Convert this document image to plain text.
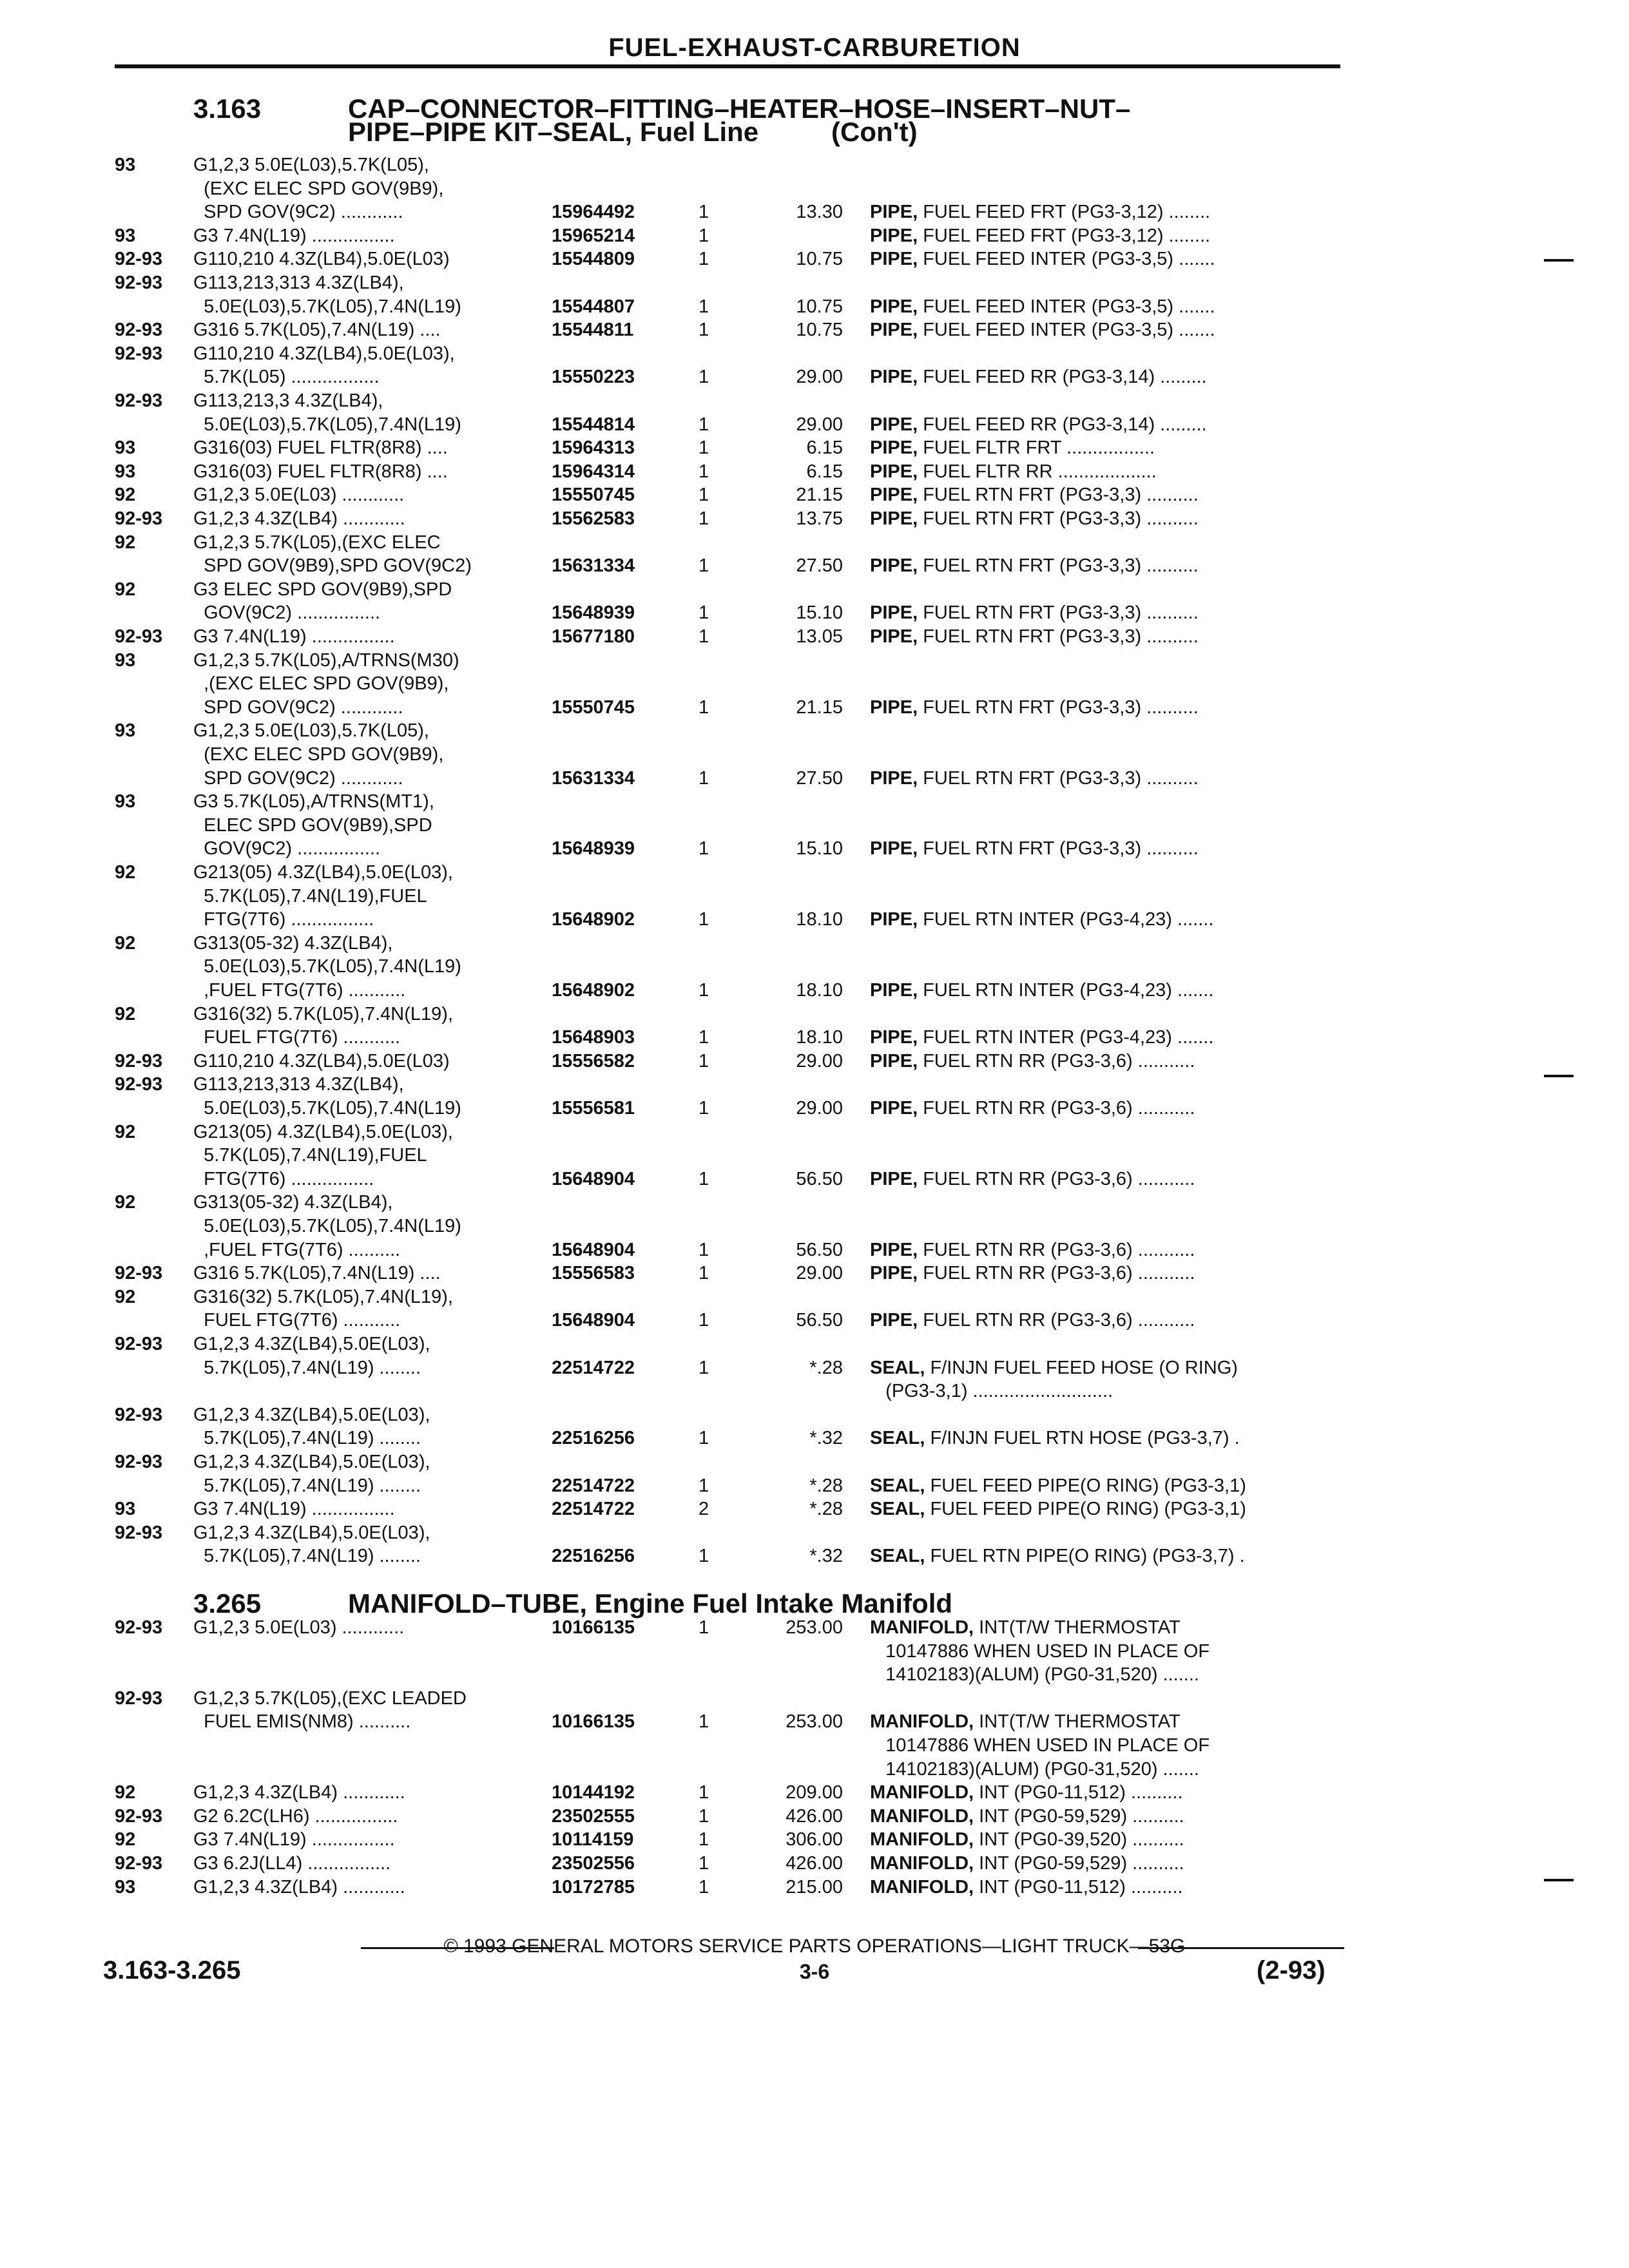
FUEL-EXHAUST-CARBURETION
3.163	CAP–CONNECTOR–FITTING–HEATER–HOSE–INSERT–NUT–
PIPE–PIPE KIT–SEAL, Fuel Line	(Con't)
93	G1,2,3 5.0E(L03),5.7K(L05),
(EXC ELEC SPD GOV(9B9),
SPD GOV(9C2) ............	15964492	1	13.30 PIPE, FUEL FEED FRT (PG3-3,12) ........
93	G3 7.4N(L19) ................	15965214	1	PIPE, FUEL FEED FRT (PG3-3,12) ........
92-93	G110,210 4.3Z(LB4),5.0E(L03)	15544809	1	10.75 PIPE, FUEL FEED INTER (PG3-3,5) .......
92-93	G113,213,313 4.3Z(LB4),
5.0E(L03),5.7K(L05),7.4N(L19)	15544807	1	10.75 PIPE, FUEL FEED INTER (PG3-3,5) .......
92-93	G316 5.7K(L05),7.4N(L19) ....	15544811	1	10.75 PIPE, FUEL FEED INTER (PG3-3,5) .......
92-93	G110,210 4.3Z(LB4),5.0E(L03),
5.7K(L05) .................	15550223	1	29.00 PIPE, FUEL FEED RR (PG3-3,14) .........
92-93	G113,213,3 4.3Z(LB4),
5.0E(L03),5.7K(L05),7.4N(L19)	15544814	1	29.00 PIPE, FUEL FEED RR (PG3-3,14) .........
93	G316(03) FUEL FLTR(8R8) ....	15964313	1	6.15 PIPE, FUEL FLTR FRT .................
93	G316(03) FUEL FLTR(8R8) ....	15964314	1	6.15 PIPE, FUEL FLTR RR ...................
92	G1,2,3 5.0E(L03) ............	15550745	1	21.15 PIPE, FUEL RTN FRT (PG3-3,3) ..........
92-93	G1,2,3 4.3Z(LB4) ............	15562583	1	13.75 PIPE, FUEL RTN FRT (PG3-3,3) ..........
92	G1,2,3 5.7K(L05),(EXC ELEC
SPD GOV(9B9),SPD GOV(9C2)	15631334	1	27.50 PIPE, FUEL RTN FRT (PG3-3,3) ..........
92	G3 ELEC SPD GOV(9B9),SPD
GOV(9C2) ................	15648939	1	15.10 PIPE, FUEL RTN FRT (PG3-3,3) ..........
92-93	G3 7.4N(L19) ................	15677180	1	13.05 PIPE, FUEL RTN FRT (PG3-3,3) ..........
93	G1,2,3 5.7K(L05),A/TRNS(M30)
,(EXC ELEC SPD GOV(9B9),
SPD GOV(9C2) ............	15550745	1	21.15 PIPE, FUEL RTN FRT (PG3-3,3) ..........
93	G1,2,3 5.0E(L03),5.7K(L05),
(EXC ELEC SPD GOV(9B9),
SPD GOV(9C2) ............	15631334	1	27.50 PIPE, FUEL RTN FRT (PG3-3,3) ..........
93	G3 5.7K(L05),A/TRNS(MT1),
ELEC SPD GOV(9B9),SPD
GOV(9C2) ................	15648939	1	15.10 PIPE, FUEL RTN FRT (PG3-3,3) ..........
92	G213(05) 4.3Z(LB4),5.0E(L03),
5.7K(L05),7.4N(L19),FUEL
FTG(7T6) ................	15648902	1	18.10 PIPE, FUEL RTN INTER (PG3-4,23) .......
92	G313(05-32) 4.3Z(LB4),
5.0E(L03),5.7K(L05),7.4N(L19)
,FUEL FTG(7T6) ...........	15648902	1	18.10 PIPE, FUEL RTN INTER (PG3-4,23) .......
92	G316(32) 5.7K(L05),7.4N(L19),
FUEL FTG(7T6) ...........	15648903	1	18.10 PIPE, FUEL RTN INTER (PG3-4,23) .......
92-93	G110,210 4.3Z(LB4),5.0E(L03)	15556582	1	29.00 PIPE, FUEL RTN RR (PG3-3,6) ...........
92-93	G113,213,313 4.3Z(LB4),
5.0E(L03),5.7K(L05),7.4N(L19)	15556581	1	29.00 PIPE, FUEL RTN RR (PG3-3,6) ...........
92	G213(05) 4.3Z(LB4),5.0E(L03),
5.7K(L05),7.4N(L19),FUEL
FTG(7T6) ................	15648904	1	56.50 PIPE, FUEL RTN RR (PG3-3,6) ...........
92	G313(05-32) 4.3Z(LB4),
5.0E(L03),5.7K(L05),7.4N(L19)
,FUEL FTG(7T6) ..........	15648904	1	56.50 PIPE, FUEL RTN RR (PG3-3,6) ...........
92-93	G316 5.7K(L05),7.4N(L19) ....	15556583	1	29.00 PIPE, FUEL RTN RR (PG3-3,6) ...........
92	G316(32) 5.7K(L05),7.4N(L19),
FUEL FTG(7T6) ...........	15648904	1	56.50 PIPE, FUEL RTN RR (PG3-3,6) ...........
92-93	G1,2,3 4.3Z(LB4),5.0E(L03),
5.7K(L05),7.4N(L19) ........	22514722	1	*.28 SEAL, F/INJN FUEL FEED HOSE (O RING)
(PG3-3,1) ...........................
92-93	G1,2,3 4.3Z(LB4),5.0E(L03),
5.7K(L05),7.4N(L19) ........	22516256	1	*.32 SEAL, F/INJN FUEL RTN HOSE (PG3-3,7) .
92-93	G1,2,3 4.3Z(LB4),5.0E(L03),
5.7K(L05),7.4N(L19) ........	22514722	1	*.28 SEAL, FUEL FEED PIPE(O RING) (PG3-3,1)
93	G3 7.4N(L19) ................	22514722	2	*.28 SEAL, FUEL FEED PIPE(O RING) (PG3-3,1)
92-93	G1,2,3 4.3Z(LB4),5.0E(L03),
5.7K(L05),7.4N(L19) ........	22516256	1	*.32 SEAL, FUEL RTN PIPE(O RING) (PG3-3,7) .
3.265	MANIFOLD–TUBE, Engine Fuel Intake Manifold
92-93	G1,2,3 5.0E(L03) ............	10166135	1	253.00 MANIFOLD, INT(T/W THERMOSTAT
10147886 WHEN USED IN PLACE OF
14102183)(ALUM) (PG0-31,520) .......
92-93	G1,2,3 5.7K(L05),(EXC LEADED
FUEL EMIS(NM8) ..........	10166135	1	253.00 MANIFOLD, INT(T/W THERMOSTAT
10147886 WHEN USED IN PLACE OF
14102183)(ALUM) (PG0-31,520) .......
92	G1,2,3 4.3Z(LB4) ............	10144192	1	209.00 MANIFOLD, INT (PG0-11,512) ..........
92-93	G2 6.2C(LH6) ................	23502555	1	426.00 MANIFOLD, INT (PG0-59,529) ..........
92	G3 7.4N(L19) ................	10114159	1	306.00 MANIFOLD, INT (PG0-39,520) ..........
92-93	G3 6.2J(LL4) ................	23502556	1	426.00 MANIFOLD, INT (PG0-59,529) ..........
93	G1,2,3 4.3Z(LB4) ............	10172785	1	215.00 MANIFOLD, INT (PG0-11,512) ..........
© 1993 GENERAL MOTORS SERVICE PARTS OPERATIONS—LIGHT TRUCK—53G
3.163-3.265	3-6	(2-93)
